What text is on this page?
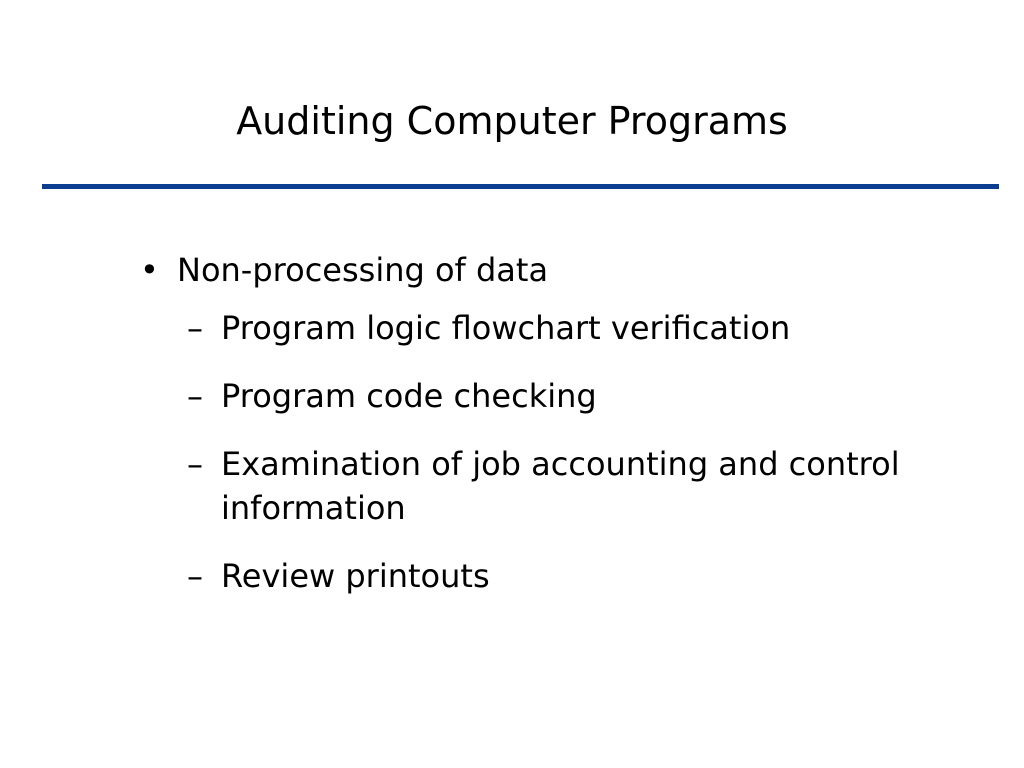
Auditing Computer Programs
• Non-processing of data
– Program logic flowchart verification
– Program code checking
– Examination of job accounting and control information
– Review printouts
